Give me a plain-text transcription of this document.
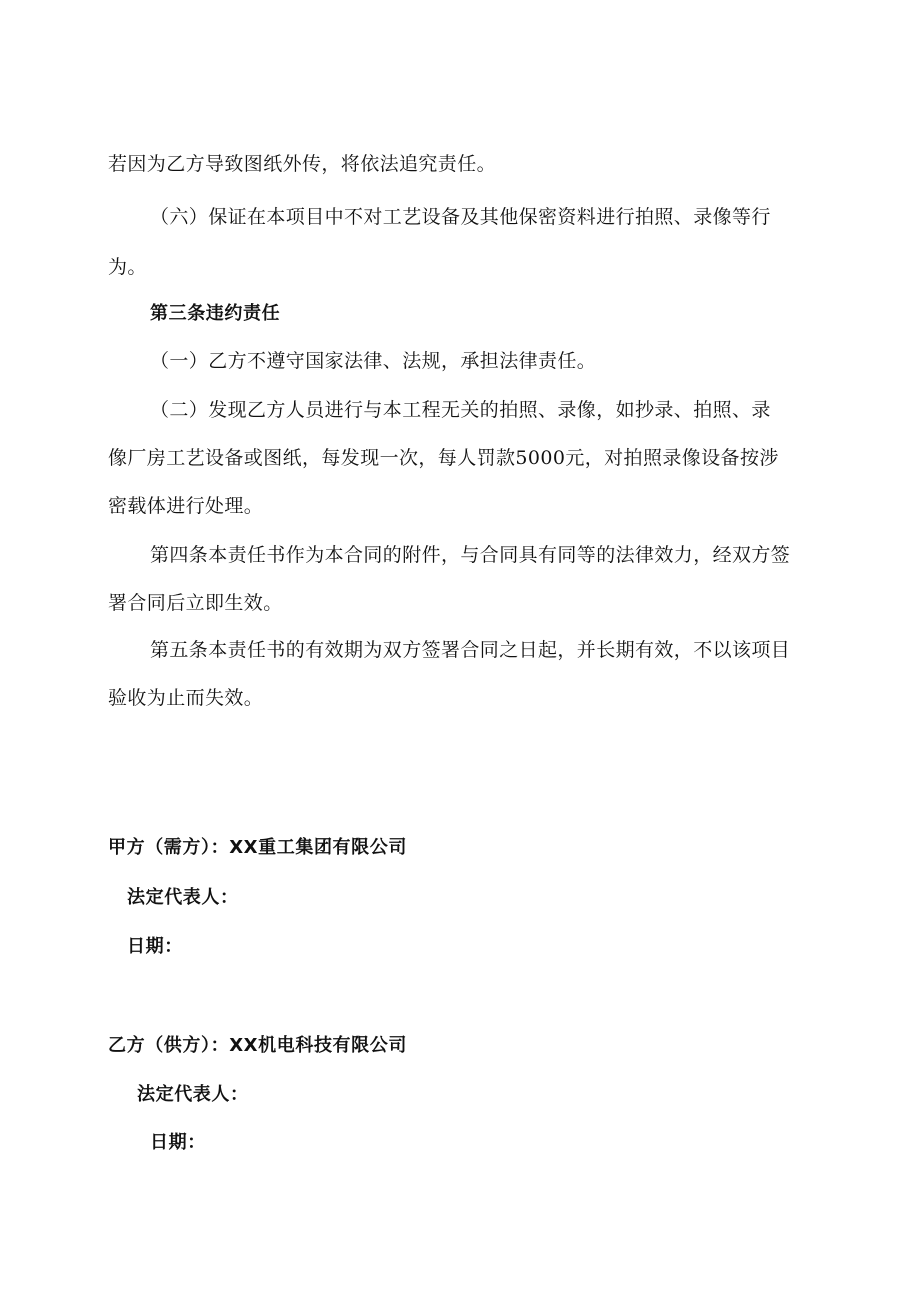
若因为乙方导致图纸外传，将依法追究责任。
（六）保证在本项目中不对工艺设备及其他保密资料进行拍照、录像等行
为。
第三条违约责任
（一）乙方不遵守国家法律、法规，承担法律责任。
（二）发现乙方人员进行与本工程无关的拍照、录像，如抄录、拍照、录
像厂房工艺设备或图纸，每发现一次，每人罚款5000元，对拍照录像设备按涉
密载体进行处理。
第四条本责任书作为本合同的附件，与合同具有同等的法律效力，经双方签
署合同后立即生效。
第五条本责任书的有效期为双方签署合同之日起，并长期有效，不以该项目
验收为止而失效。
甲方（需方）：XX重工集团有限公司
法定代表人：
日期：
乙方（供方）：XX机电科技有限公司
法定代表人：
日期：
